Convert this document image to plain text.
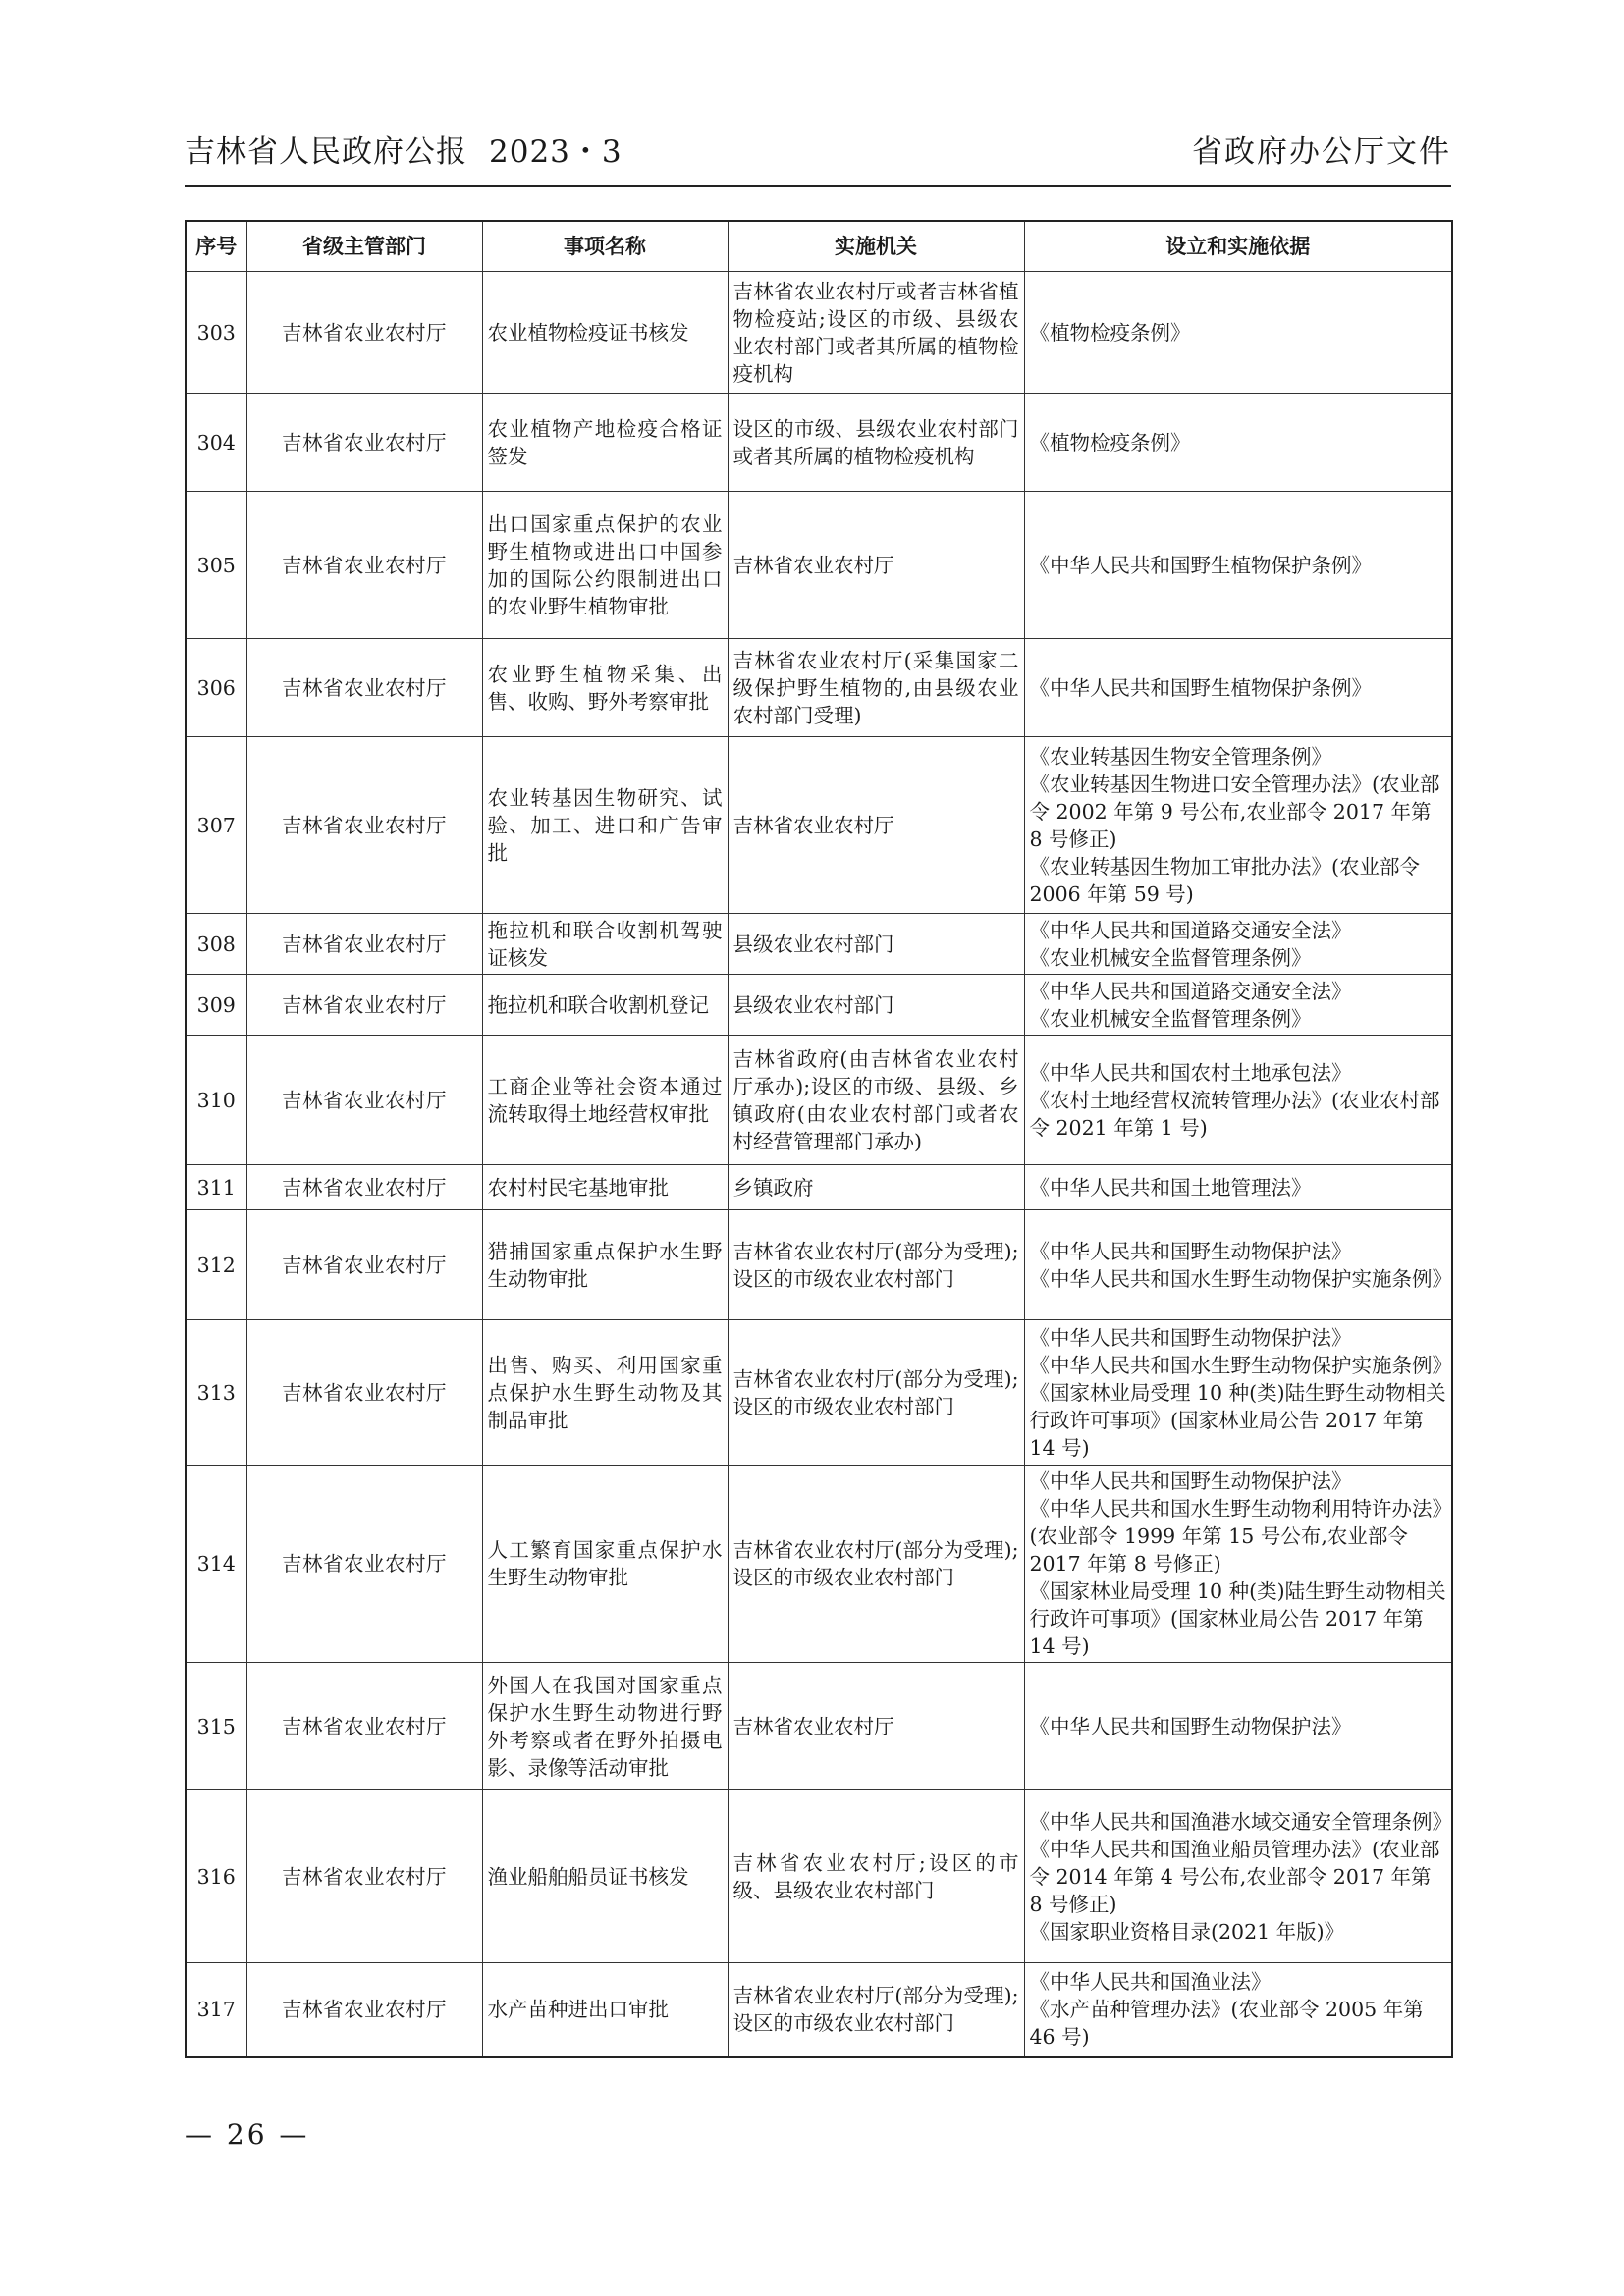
吉林省人民政府公报 2023・3	省政府办公厅文件
序号	省级主管部门	事项名称	实施机关	设立和实施依据
303	吉林省农业农村厅	农业植物检疫证书核发	吉林省农业农村厅或者吉林省植物检疫站;设区的市级、县级农业农村部门或者其所属的植物检疫机构	《植物检疫条例》

304	吉林省农业农村厅	农业植物产地检疫合格证签发	设区的市级、县级农业农村部门或者其所属的植物检疫机构	《植物检疫条例》

305	吉林省农业农村厅	出口国家重点保护的农业野生植物或进出口中国参加的国际公约限制进出口的农业野生植物审批	吉林省农业农村厅	《中华人民共和国野生植物保护条例》

306	吉林省农业农村厅	农业野生植物采集、出售、收购、野外考察审批	吉林省农业农村厅(采集国家二级保护野生植物的,由县级农业农村部门受理)	《中华人民共和国野生植物保护条例》

307	吉林省农业农村厅	农业转基因生物研究、试验、加工、进口和广告审批	吉林省农业农村厅	《农业转基因生物安全管理条例》
《农业转基因生物进口安全管理办法》(农业部令 2002 年第 9 号公布,农业部令 2017 年第 8 号修正)
《农业转基因生物加工审批办法》(农业部令 2006 年第 59 号)

308	吉林省农业农村厅	拖拉机和联合收割机驾驶证核发	县级农业农村部门	《中华人民共和国道路交通安全法》
《农业机械安全监督管理条例》

309	吉林省农业农村厅	拖拉机和联合收割机登记	县级农业农村部门	《中华人民共和国道路交通安全法》
《农业机械安全监督管理条例》

310	吉林省农业农村厅	工商企业等社会资本通过流转取得土地经营权审批	吉林省政府(由吉林省农业农村厅承办);设区的市级、县级、乡镇政府(由农业农村部门或者农村经营管理部门承办)	《中华人民共和国农村土地承包法》
《农村土地经营权流转管理办法》(农业农村部令 2021 年第 1 号)

311	吉林省农业农村厅	农村村民宅基地审批	乡镇政府	《中华人民共和国土地管理法》

312	吉林省农业农村厅	猎捕国家重点保护水生野生动物审批	吉林省农业农村厅(部分为受理);设区的市级农业农村部门	《中华人民共和国野生动物保护法》
《中华人民共和国水生野生动物保护实施条例》

313	吉林省农业农村厅	出售、购买、利用国家重点保护水生野生动物及其制品审批	吉林省农业农村厅(部分为受理);设区的市级农业农村部门	《中华人民共和国野生动物保护法》
《中华人民共和国水生野生动物保护实施条例》
《国家林业局受理 10 种(类)陆生野生动物相关行政许可事项》(国家林业局公告 2017 年第 14 号)

314	吉林省农业农村厅	人工繁育国家重点保护水生野生动物审批	吉林省农业农村厅(部分为受理);设区的市级农业农村部门	《中华人民共和国野生动物保护法》
《中华人民共和国水生野生动物利用特许办法》(农业部令 1999 年第 15 号公布,农业部令 2017 年第 8 号修正)
《国家林业局受理 10 种(类)陆生野生动物相关行政许可事项》(国家林业局公告 2017 年第 14 号)

315	吉林省农业农村厅	外国人在我国对国家重点保护水生野生动物进行野外考察或者在野外拍摄电影、录像等活动审批	吉林省农业农村厅	《中华人民共和国野生动物保护法》

316	吉林省农业农村厅	渔业船舶船员证书核发	吉林省农业农村厅;设区的市级、县级农业农村部门	《中华人民共和国渔港水域交通安全管理条例》
《中华人民共和国渔业船员管理办法》(农业部令 2014 年第 4 号公布,农业部令 2017 年第 8 号修正)
《国家职业资格目录(2021 年版)》

317	吉林省农业农村厅	水产苗种进出口审批	吉林省农业农村厅(部分为受理);设区的市级农业农村部门	《中华人民共和国渔业法》
《水产苗种管理办法》(农业部令 2005 年第 46 号)
— 26 —
